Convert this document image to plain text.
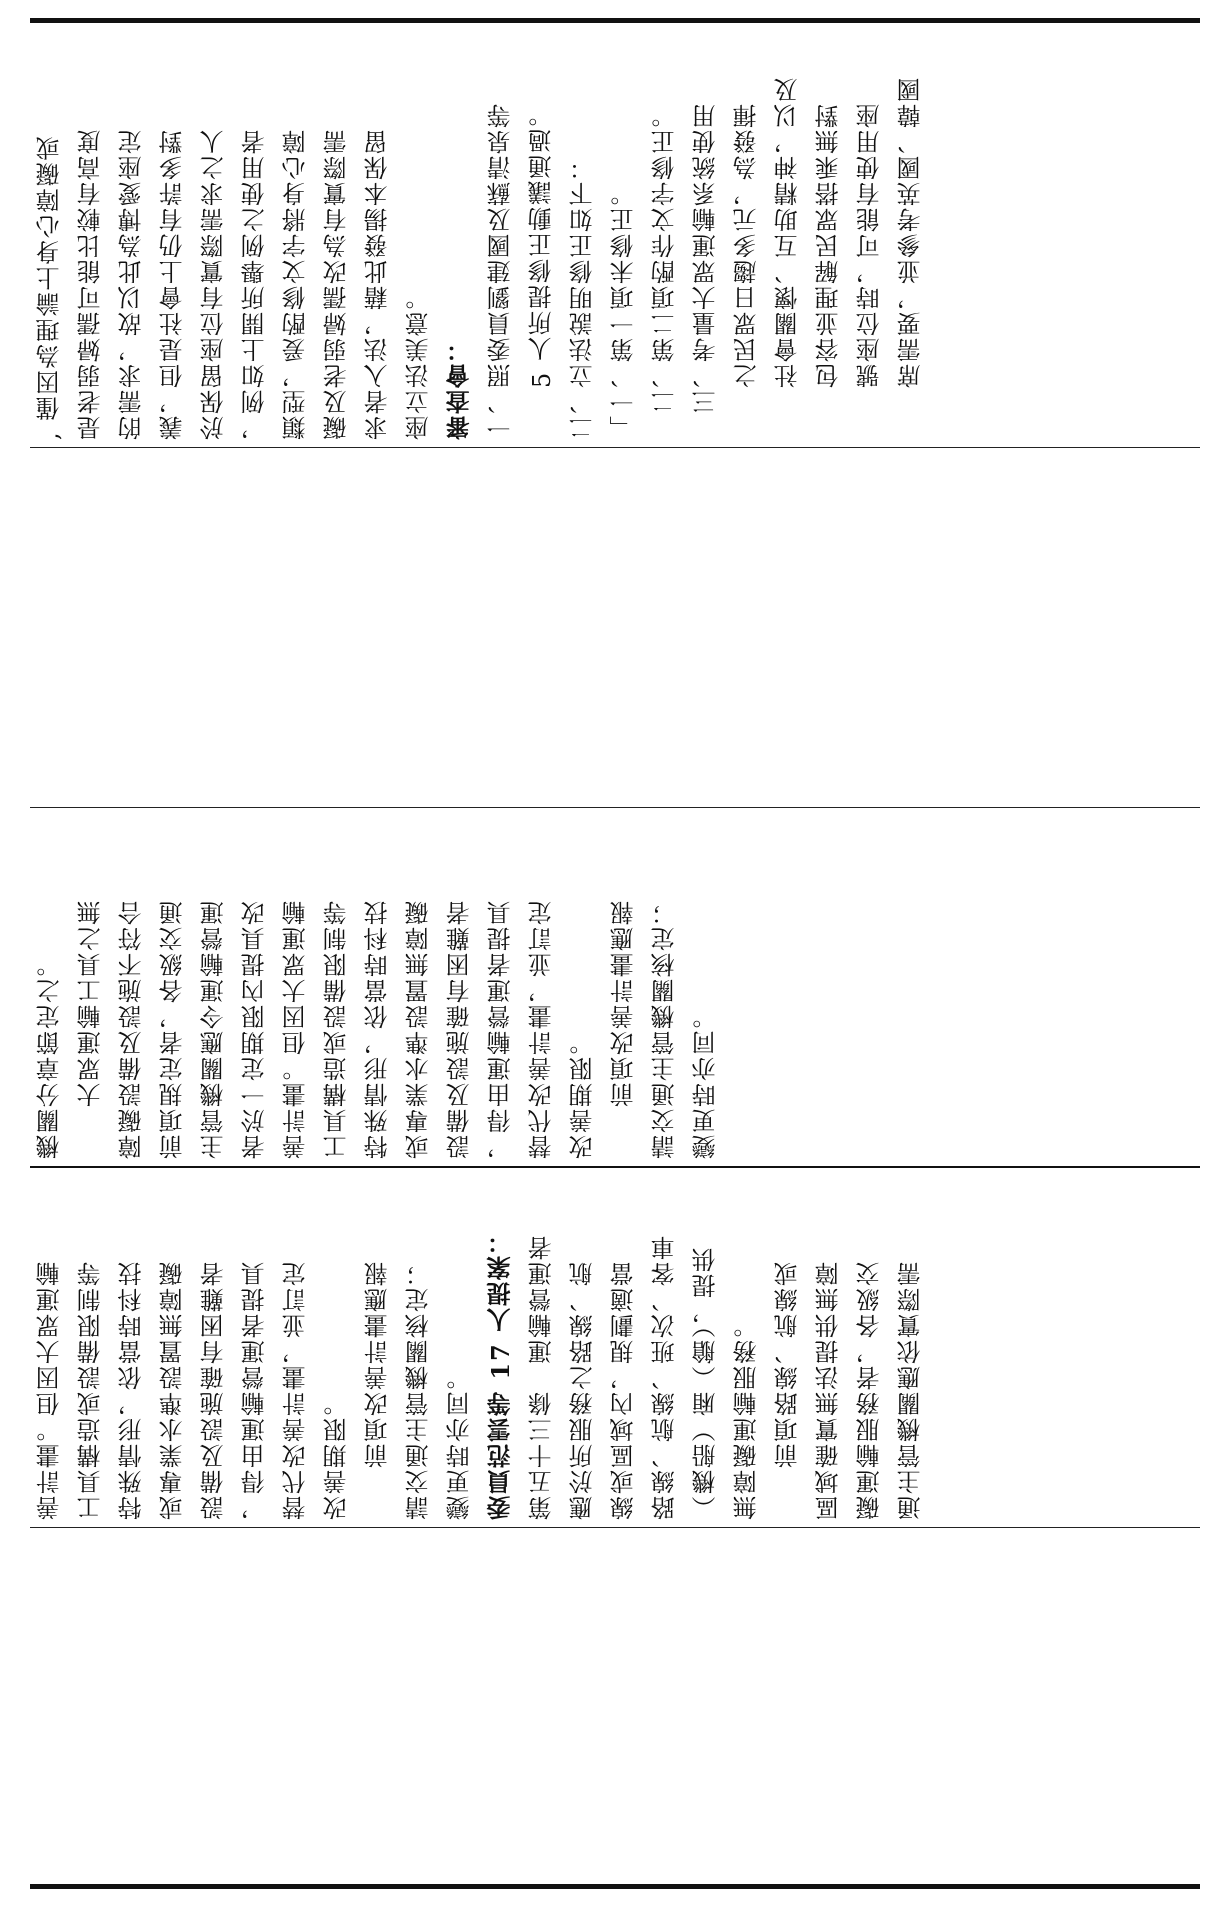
, 僅因為理論上身心障礙或 是老弱婦孺可能比較有高度 的需求，故以此為博愛座定 義，但是社會上仍有許多對 於保留座位有實際需求之人 ，例如上開所舉例之使用者 類型，爰酌修文字將身心障 礙及老弱婦孺改為有實際需 求者入法，藉此發揚本保留 座立法美意。 審查會： 一、照委員劉建國及蘇清泉等 　　5 人所提修正動議通過。 二、立法說明修正如下： 「一、第一項未修正。 　二、第二項酌作文字修正。 　三、考量大眾運輸系統使用 　　之民眾日趨多元，為發揮 　　社會關懷、互助精神，以及 　　包容並理解民眾搭乘無對 　　號座位時，可能有使用座 　　席需要，並參考英國、韓國
機關分章節定之。 　　大眾運輸工具之無 障礙設備及設施不符合 前項規定者，各級交通 主管機關應令運輸營運 者於一定期限內提具改 善計畫。但因大眾運輸 工具構造或設備限制等 特殊情形，依當時科技 或專業水準設置無障礙 設備及設施確有困難者 ，得由運輸營運者提具 替代改善計畫，並訂定 改善期限。 　　前項改善計畫應報 請交通主管機關核定； 變更時亦同。
善計畫。但因大眾運輸 工具構造或設備限制等 特殊情形，依當時科技 或專業水準設置無障礙 設備及設施確有困難者 ，得由運輸營運者提具 替代改善計畫，並訂定 改善期限。 　　前項改善計畫應報 請交通主管機關核定； 變更時亦同。 委員范雲等 17 人提案： 第五十三條　運輸營運者 應於所服務之路線、航 線或區域內，規劃適當 路線、航線、班次、客車 （機船）廂（艙），提供 無障礙運輸服務。 　　前項路線、航線或 區域確實無法提供無障 礙運輸服務者，各級交 通主管機關應依實際需
